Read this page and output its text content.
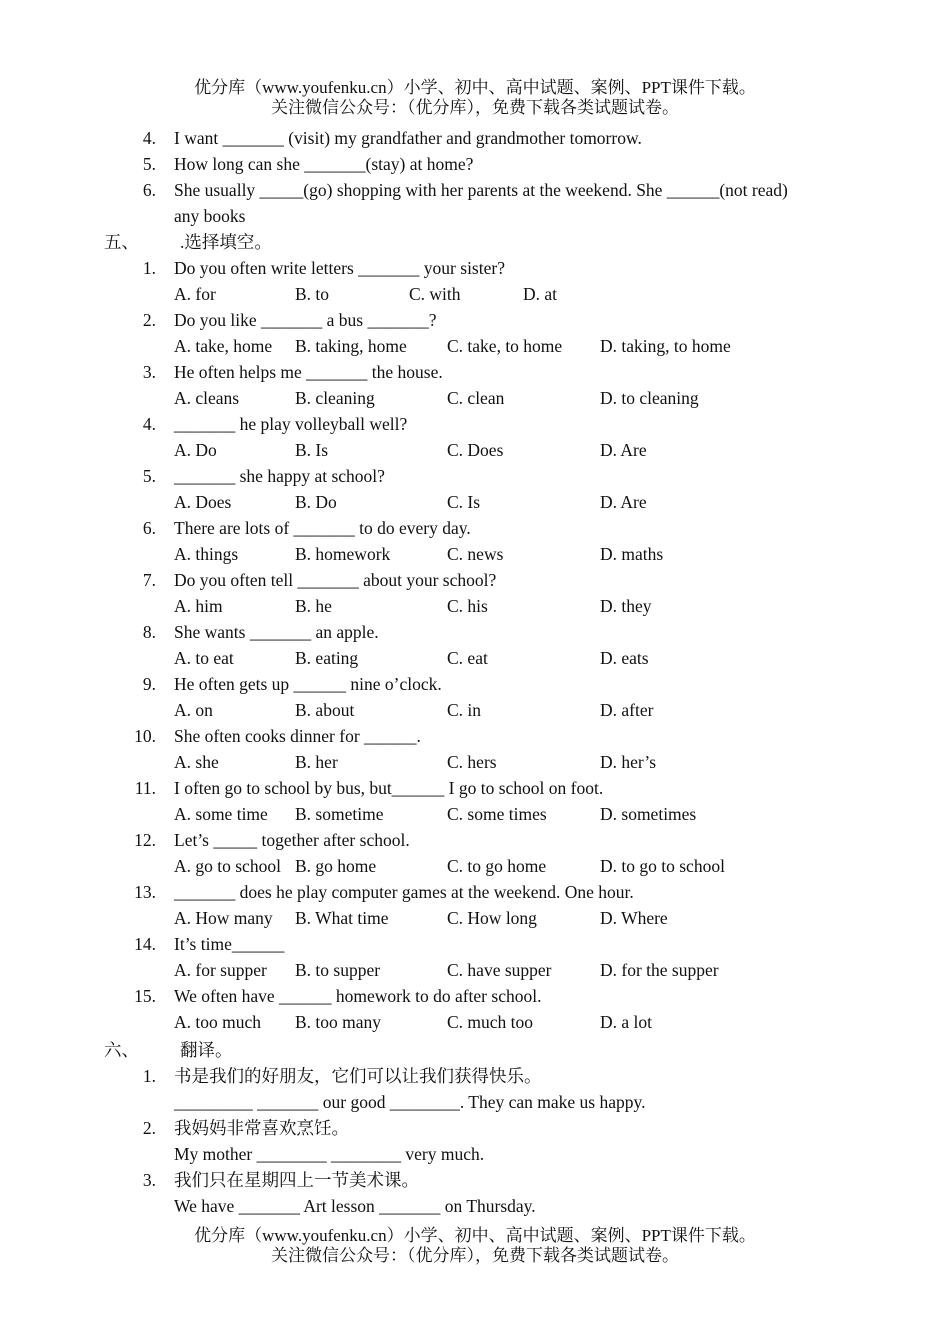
优分库（www.youfenku.cn）小学、初中、高中试题、案例、PPT课件下载。
关注微信公众号：（优分库），免费下载各类试题试卷。
4. I want _______ (visit) my grandfather and grandmother tomorrow.
5. How long can she _______(stay) at home?
6. She usually _____(go) shopping with her parents at the weekend. She ______(not read)
any books
五、 .选择填空。
1. Do you often write letters _______ your sister?
A. for	B. to	C. with	D. at
2. Do you like _______ a bus _______?
A. take, home B. taking, home C. take, to home D. taking, to home
3. He often helps me _______ the house.
A. cleans	B. cleaning	C. clean	D. to cleaning
4. _______ he play volleyball well?
A. Do	B. Is	C. Does	D. Are
5. _______ she happy at school?
A. Does	B. Do	C. Is	D. Are
6. There are lots of _______ to do every day.
A. things	B. homework	C. news	D. maths
7. Do you often tell _______ about your school?
A. him	B. he	C. his	D. they
8. She wants _______ an apple.
A. to eat	B. eating	C. eat	D. eats
9. He often gets up ______ nine o’clock.
A. on	B. about	C. in	D. after
10. She often cooks dinner for ______.
A. she	B. her	C. hers	D. her’s
11. I often go to school by bus, but______ I go to school on foot.
A. some time B. sometime	C. some times	D. sometimes
12. Let’s _____ together after school.
A. go to school B. go home	C. to go home	D. to go to school
13. _______ does he play computer games at the weekend. One hour.
A. How many B. What time	C. How long	D. Where
14. It’s time______
A. for supper B. to supper	C. have supper	D. for the supper
15. We often have ______ homework to do after school.
A. too much B. too many	C. much too	D. a lot
六、 翻译。
1. 书是我们的好朋友，它们可以让我们获得快乐。
_________ _______ our good ________. They can make us happy.
2. 我妈妈非常喜欢烹饪。
My mother ________ ________ very much.
3. 我们只在星期四上一节美术课。
We have _______ Art lesson _______ on Thursday.
优分库（www.youfenku.cn）小学、初中、高中试题、案例、PPT课件下载。
关注微信公众号：（优分库），免费下载各类试题试卷。
